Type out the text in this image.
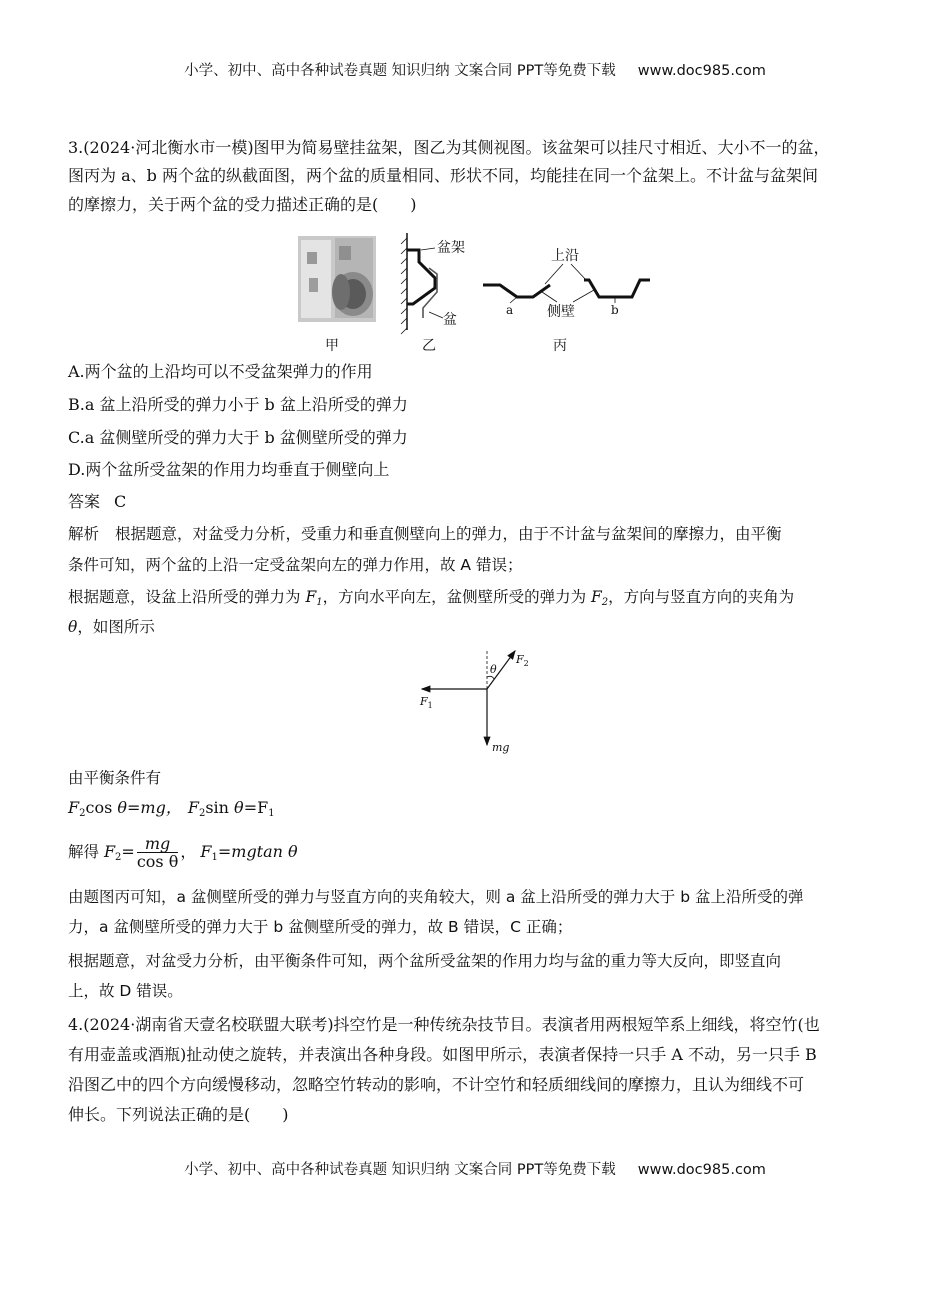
小学、初中、高中各种试卷真题 知识归纳 文案合同 PPT等免费下载 www.doc985.com
3.(2024·河北衡水市一模)图甲为简易壁挂盆架，图乙为其侧视图。该盆架可以挂尺寸相近、大小不一的盆，
图丙为 a、b 两个盆的纵截面图，两个盆的质量相同、形状不同，均能挂在同一个盆架上。不计盆与盆架间
的摩擦力，关于两个盆的受力描述正确的是(　　)
盆架
盆
上沿
侧壁
a	b
甲	乙	丙
A.两个盆的上沿均可以不受盆架弹力的作用
B.a 盆上沿所受的弹力小于 b 盆上沿所受的弹力
C.a 盆侧壁所受的弹力大于 b 盆侧壁所受的弹力
D.两个盆所受盆架的作用力均垂直于侧壁向上
答案 C
解析 根据题意，对盆受力分析，受重力和垂直侧壁向上的弹力，由于不计盆与盆架间的摩擦力，由平衡
条件可知，两个盆的上沿一定受盆架向左的弹力作用，故 A 错误；
根据题意，设盆上沿所受的弹力为 $F_1$，方向水平向左，盆侧壁所受的弹力为 $F_2$，方向与竖直方向的夹角为
θ，如图所示
θ
$F_2$
$F_1$
mg
由平衡条件有
$F_2\cos$ θ=mg， $F_2\sin$ $\theta=F_1$
解得 $F_2= \frac{mg}{\text{cos θ}}$ ， $F_1=mgtan$ θ
由题图丙可知，a 盆侧壁所受的弹力与竖直方向的夹角较大，则 a 盆上沿所受的弹力大于 b 盆上沿所受的弹
力，a 盆侧壁所受的弹力大于 b 盆侧壁所受的弹力，故 B 错误，C 正确；
根据题意，对盆受力分析，由平衡条件可知，两个盆所受盆架的作用力均与盆的重力等大反向，即竖直向
上，故 D 错误。
4.(2024·湖南省天壹名校联盟大联考)抖空竹是一种传统杂技节目。表演者用两根短竿系上细线，将空竹(也
有用壶盖或酒瓶)扯动使之旋转，并表演出各种身段。如图甲所示，表演者保持一只手 A 不动，另一只手 B
沿图乙中的四个方向缓慢移动，忽略空竹转动的影响，不计空竹和轻质细线间的摩擦力，且认为细线不可
伸长。下列说法正确的是(　　)
小学、初中、高中各种试卷真题 知识归纳 文案合同 PPT等免费下载 www.doc985.com
